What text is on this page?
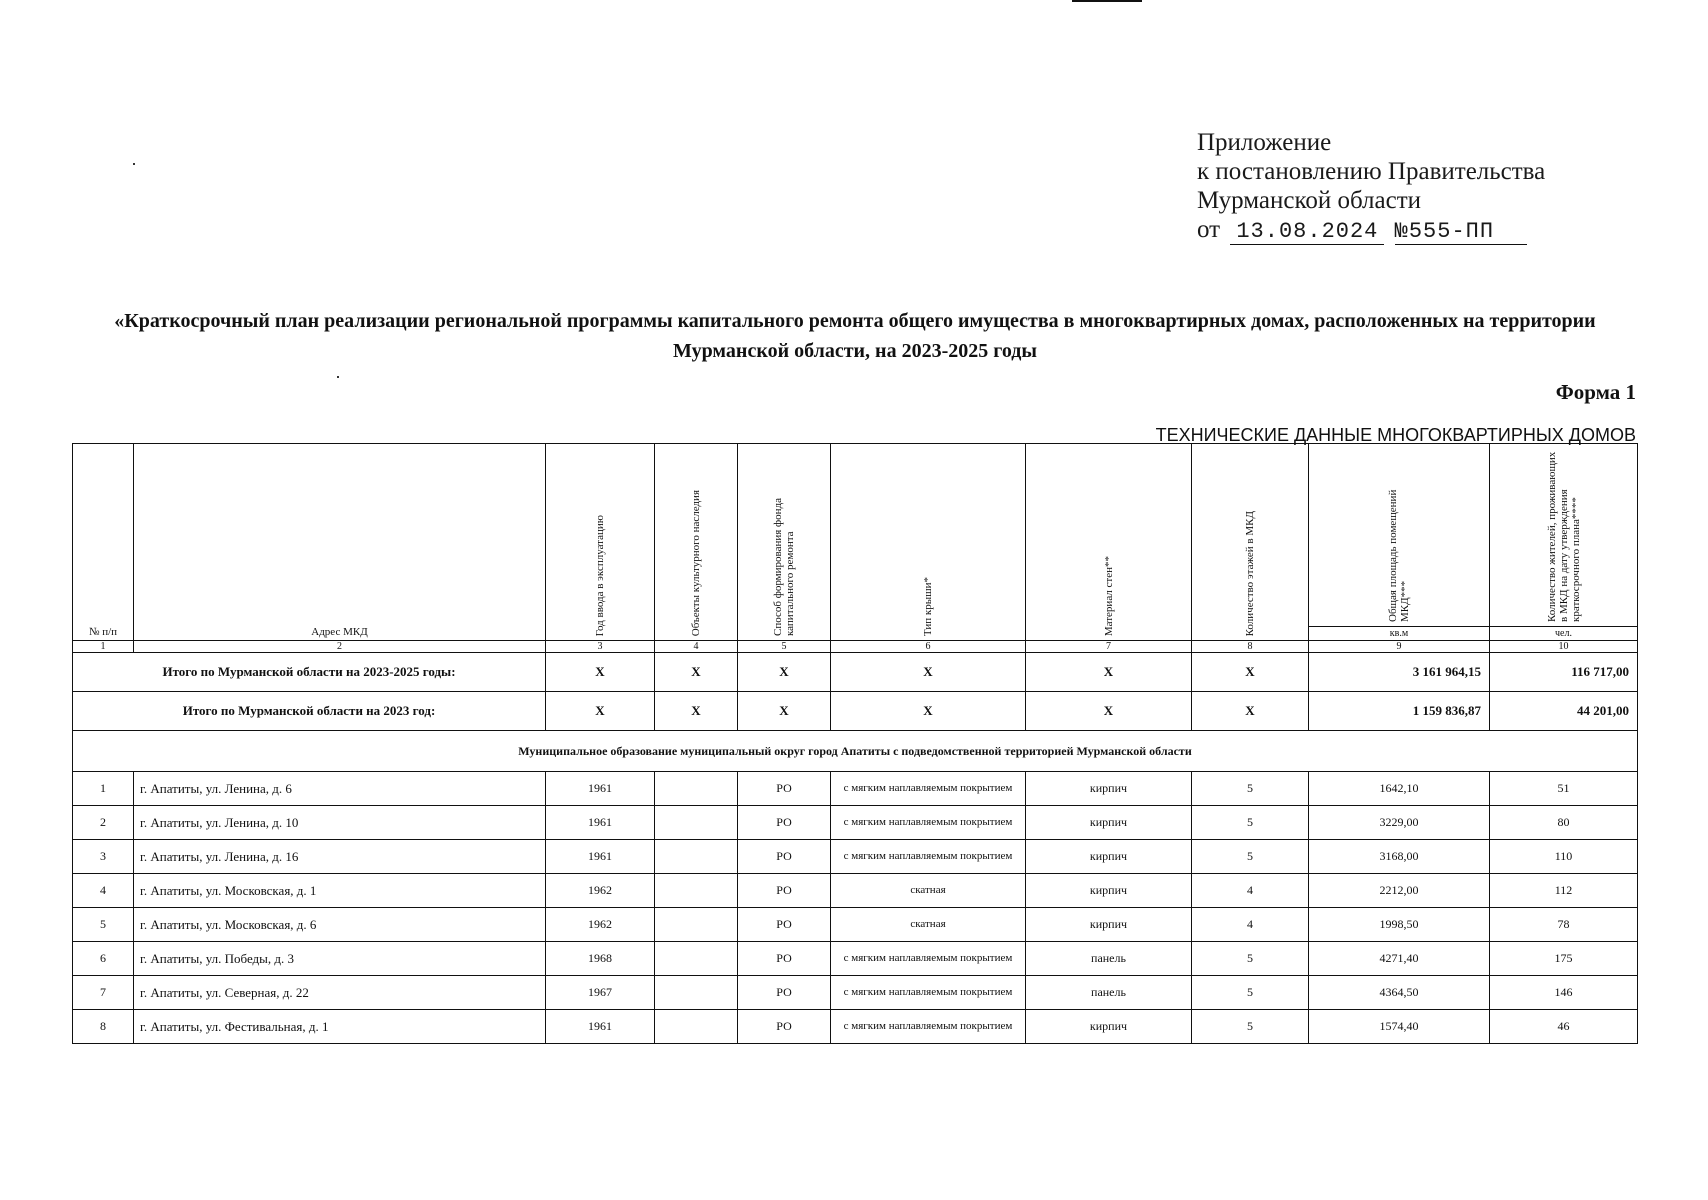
Приложение
к постановлению Правительства
Мурманской области
от 13.08.2024 №555-ПП
«Краткосрочный план реализации региональной программы капитального ремонта общего имущества в многоквартирных домах, расположенных на территории Мурманской области, на 2023-2025 годы
Форма 1
ТЕХНИЧЕСКИЕ ДАННЫЕ МНОГОКВАРТИРНЫХ ДОМОВ
№ п/п	Адрес МКД	Год ввода в эксплуатацию	Объекты культурного наследия	Способ формирования фонда капитального ремонта	Тип крыши*	Материал стен**	Количество этажей в МКД	Общая площадь помещений МКД***	Количество жителей, проживающих в МКД на дату утверждения краткосрочного плана****
								кв.м	чел.
1	2	3	4	5	6	7	8	9	10
Итого по Мурманской области на 2023-2025 годы:		X	X	X	X	X	X	3 161 964,15	116 717,00
Итого по Мурманской области на 2023 год:		X	X	X	X	X	X	1 159 836,87	44 201,00
Муниципальное образование муниципальный округ город Апатиты с подведомственной территорией Мурманской области									
1	г. Апатиты, ул. Ленина, д. 6	1961		РО	с мягким наплавляемым покрытием	кирпич	5	1642,10	51
2	г. Апатиты, ул. Ленина, д. 10	1961		РО	с мягким наплавляемым покрытием	кирпич	5	3229,00	80
3	г. Апатиты, ул. Ленина, д. 16	1961		РО	с мягким наплавляемым покрытием	кирпич	5	3168,00	110
4	г. Апатиты, ул. Московская, д. 1	1962		РО	скатная	кирпич	4	2212,00	112
5	г. Апатиты, ул. Московская, д. 6	1962		РО	скатная	кирпич	4	1998,50	78
6	г. Апатиты, ул. Победы, д. 3	1968		РО	с мягким наплавляемым покрытием	панель	5	4271,40	175
7	г. Апатиты, ул. Северная, д. 22	1967		РО	с мягким наплавляемым покрытием	панель	5	4364,50	146
8	г. Апатиты, ул. Фестивальная, д. 1	1961		РО	с мягким наплавляемым покрытием	кирпич	5	1574,40	46
